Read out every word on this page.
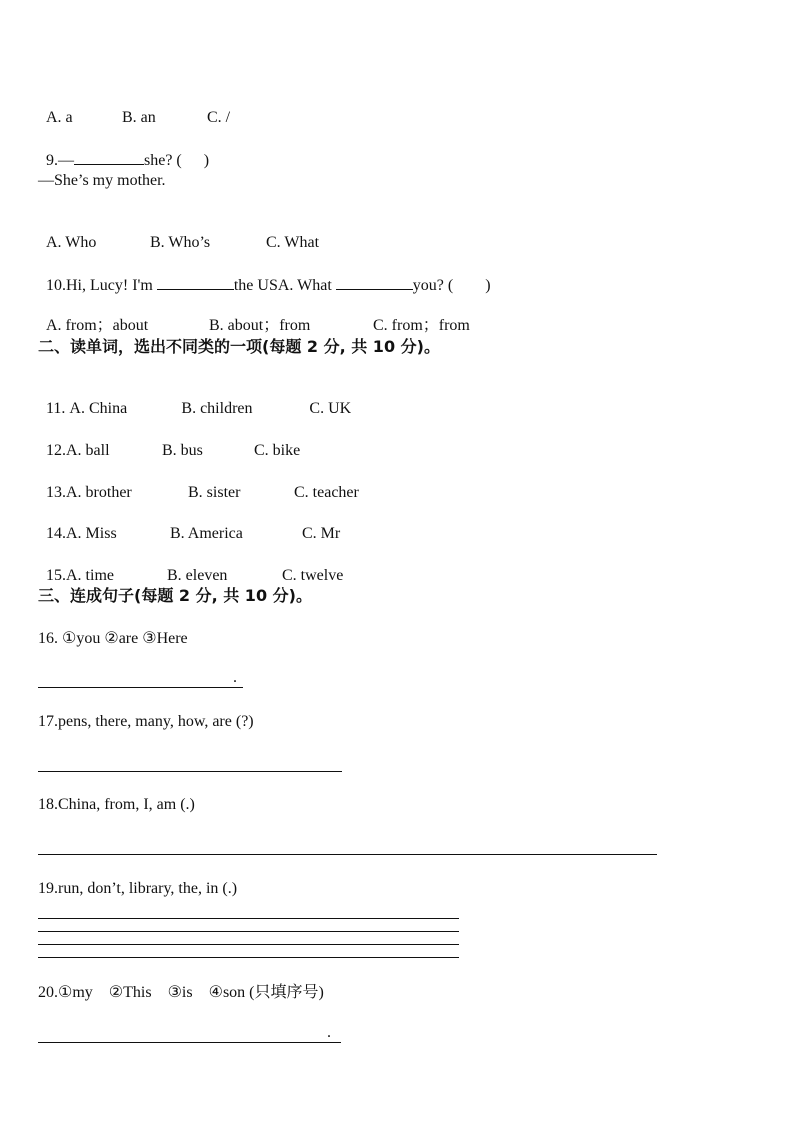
A. a	B. an	C. /

9.—	she? ( )

—She’s my mother.

A. Who	B. Who’s	C. What

10.Hi, Lucy! I'm	the USA. What	you? ( )

A. from；about	B. about；from	C. from；from

二、读单词，选出不同类的一项(每题 2 分, 共 10 分)。

11. A. China	B. children	C. UK

12.A. ball	B. bus	C. bike

13.A. brother	B. sister	C. teacher

14.A. Miss	B. America	C. Mr

15.A. time	B. eleven	C. twelve

三、连成句子(每题 2 分, 共 10 分)。
16. ①you ②are ③Here
.
17.pens, there, many, how, are (?)
18.China, from, I, am (.)
19.run, don’t, library, the, in (.)
20.①my    ②This    ③is    ④son (只填序号)
.
